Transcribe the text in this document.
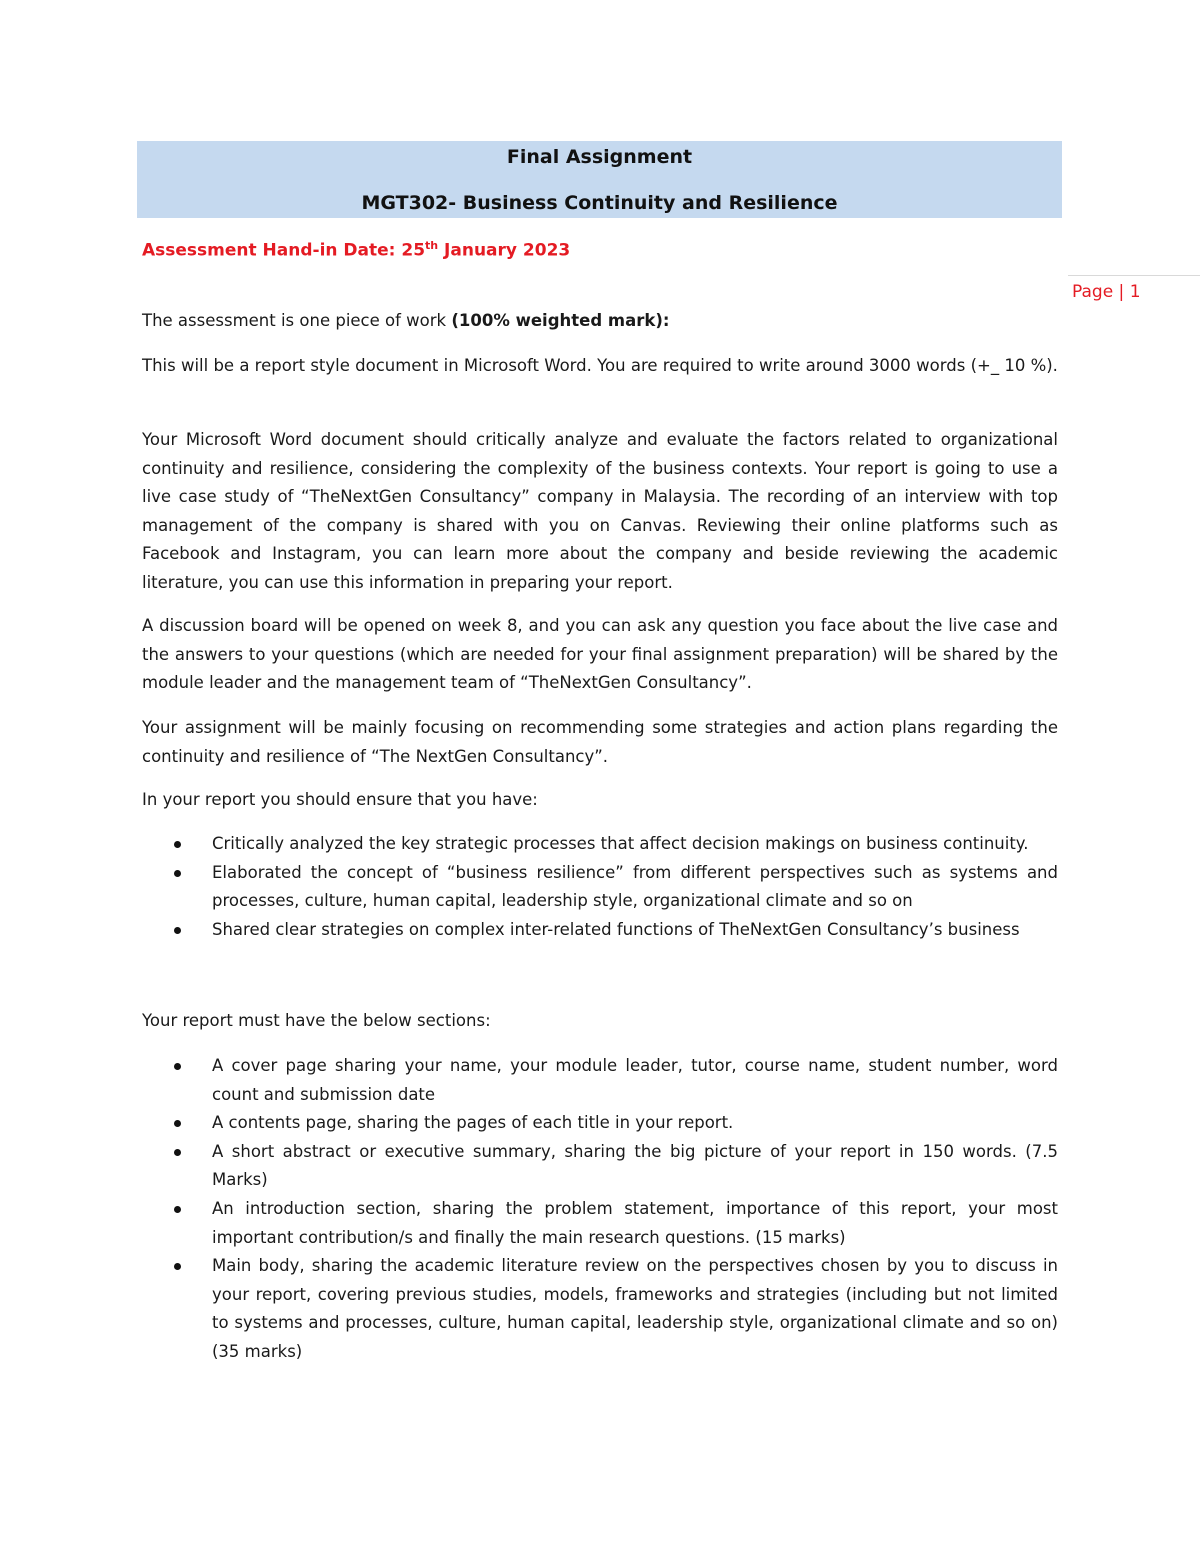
Final Assignment
MGT302- Business Continuity and Resilience
Assessment Hand-in Date: 25th January 2023
Page | 1

The assessment is one piece of work (100% weighted mark):

This will be a report style document in Microsoft Word. You are required to write around 3000 words (+_ 10 %).

Your Microsoft Word document should critically analyze and evaluate the factors related to organizational continuity and resilience, considering the complexity of the business contexts. Your report is going to use a live case study of “TheNextGen Consultancy” company in Malaysia. The recording of an interview with top management of the company is shared with you on Canvas. Reviewing their online platforms such as Facebook and Instagram, you can learn more about the company and beside reviewing the academic literature, you can use this information in preparing your report.

A discussion board will be opened on week 8, and you can ask any question you face about the live case and the answers to your questions (which are needed for your final assignment preparation) will be shared by the module leader and the management team of “TheNextGen Consultancy”.

Your assignment will be mainly focusing on recommending some strategies and action plans regarding the continuity and resilience of “The NextGen Consultancy”.

In your report you should ensure that you have:

Critically analyzed the key strategic processes that affect decision makings on business continuity.
Elaborated the concept of “business resilience” from different perspectives such as systems and processes, culture, human capital, leadership style, organizational climate and so on
Shared clear strategies on complex inter-related functions of TheNextGen Consultancy’s business

Your report must have the below sections:

A cover page sharing your name, your module leader, tutor, course name, student number, word count and submission date
A contents page, sharing the pages of each title in your report.
A short abstract or executive summary, sharing the big picture of your report in 150 words. (7.5 Marks)
An introduction section, sharing the problem statement, importance of this report, your most important contribution/s and finally the main research questions. (15 marks)
Main body, sharing the academic literature review on the perspectives chosen by you to discuss in your report, covering previous studies, models, frameworks and strategies (including but not limited to systems and processes, culture, human capital, leadership style, organizational climate and so on) (35 marks)
